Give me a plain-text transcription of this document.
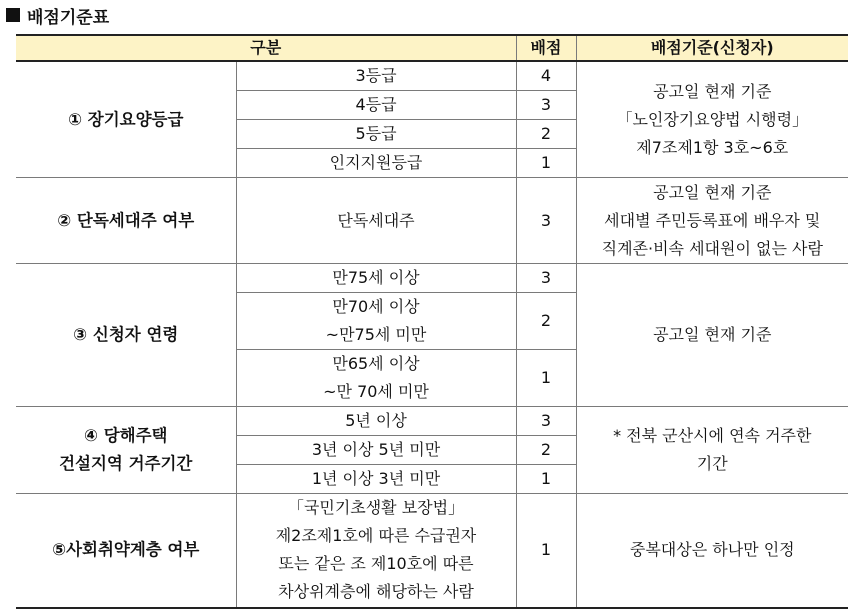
배점기준표
구분		배점	배점기준(신청자)
① 장기요양등급	3등급	4	공고일 현재 기준
「노인장기요양법 시행령」
제7조제1항 3호~6호

	4등급	3	
	5등급	2	
	인지지원등급	1	
② 단독세대주 여부	단독세대주	3	공고일 현재 기준
세대별 주민등록표에 배우자 및
직계존·비속 세대원이 없는 사람

③ 신청자 연령	만75세 이상	3	공고일 현재 기준

	만70세 이상
~만75세 미만	2	

	만65세 이상
~만 70세 미만	1	

④ 당해주택
건설지역 거주기간	5년 이상	3	* 전북 군산시에 연속 거주한
기간

	3년 이상 5년 미만	2	
	1년 이상 3년 미만	1	
⑤사회취약계층 여부	「국민기초생활 보장법」
제2조제1호에 따른 수급권자
또는 같은 조 제10호에 따른
차상위계층에 해당하는 사람	1	중복대상은 하나만 인정
